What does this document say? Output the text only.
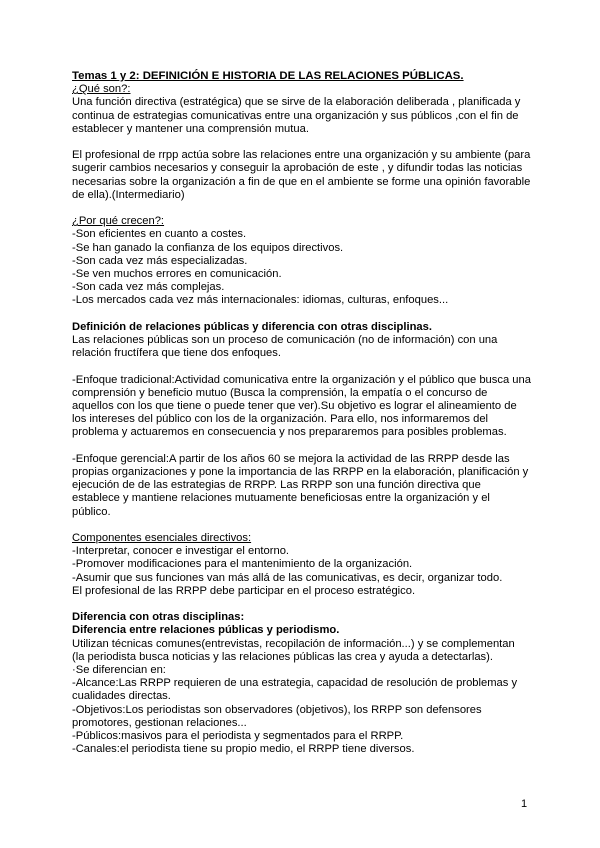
Temas 1 y 2: DEFINICIÓN E HISTORIA DE LAS RELACIONES PÚBLICAS.
¿Qué son?:
Una función directiva (estratégica) que se sirve de la elaboración deliberada , planificada y
continua de estrategias comunicativas entre una organización y sus públicos ,con el fin de
establecer y mantener una comprensión mutua.
El profesional de rrpp actúa sobre las relaciones entre una organización y su ambiente (para
sugerir cambios necesarios y conseguir la aprobación de este , y difundir todas las noticias
necesarias sobre la organización a fin de que en el ambiente se forme una opinión favorable
de ella).(Intermediario)
¿Por qué crecen?:
-Son eficientes en cuanto a costes.
-Se han ganado la confianza de los equipos directivos.
-Son cada vez más especializadas.
-Se ven muchos errores en comunicación.
-Son cada vez más complejas.
-Los mercados cada vez más internacionales: idiomas, culturas, enfoques...
Definición de relaciones públicas y diferencia con otras disciplinas.
Las relaciones públicas son un proceso de comunicación (no de información) con una
relación fructífera que tiene dos enfoques.
-Enfoque tradicional:Actividad comunicativa entre la organización y el público que busca una
comprensión y beneficio mutuo (Busca la comprensión, la empatía o el concurso de
aquellos con los que tiene o puede tener que ver).Su objetivo es lograr el alineamiento de
los intereses del público con los de la organización. Para ello, nos informaremos del
problema y actuaremos en consecuencia y nos prepararemos para posibles problemas.
-Enfoque gerencial:A partir de los años 60 se mejora la actividad de las RRPP desde las
propias organizaciones y pone la importancia de las RRPP en la elaboración, planificación y
ejecución de de las estrategias de RRPP. Las RRPP son una función directiva que
establece y mantiene relaciones mutuamente beneficiosas entre la organización y el
público.
Componentes esenciales directivos:
-Interpretar, conocer e investigar el entorno.
-Promover modificaciones para el mantenimiento de la organización.
-Asumir que sus funciones van más allá de las comunicativas, es decir, organizar todo.
El profesional de las RRPP debe participar en el proceso estratégico.
Diferencia con otras disciplinas:
Diferencia entre relaciones públicas y periodismo.
Utilizan técnicas comunes(entrevistas, recopilación de información...) y se complementan
(la periodista busca noticias y las relaciones públicas las crea y ayuda a detectarlas).
·Se diferencian en:
-Alcance:Las RRPP requieren de una estrategia, capacidad de resolución de problemas y
cualidades directas.
-Objetivos:Los periodistas son observadores (objetivos), los RRPP son defensores
promotores, gestionan relaciones...
-Públicos:masivos para el periodista y segmentados para el RRPP.
-Canales:el periodista tiene su propio medio, el RRPP tiene diversos.
1
